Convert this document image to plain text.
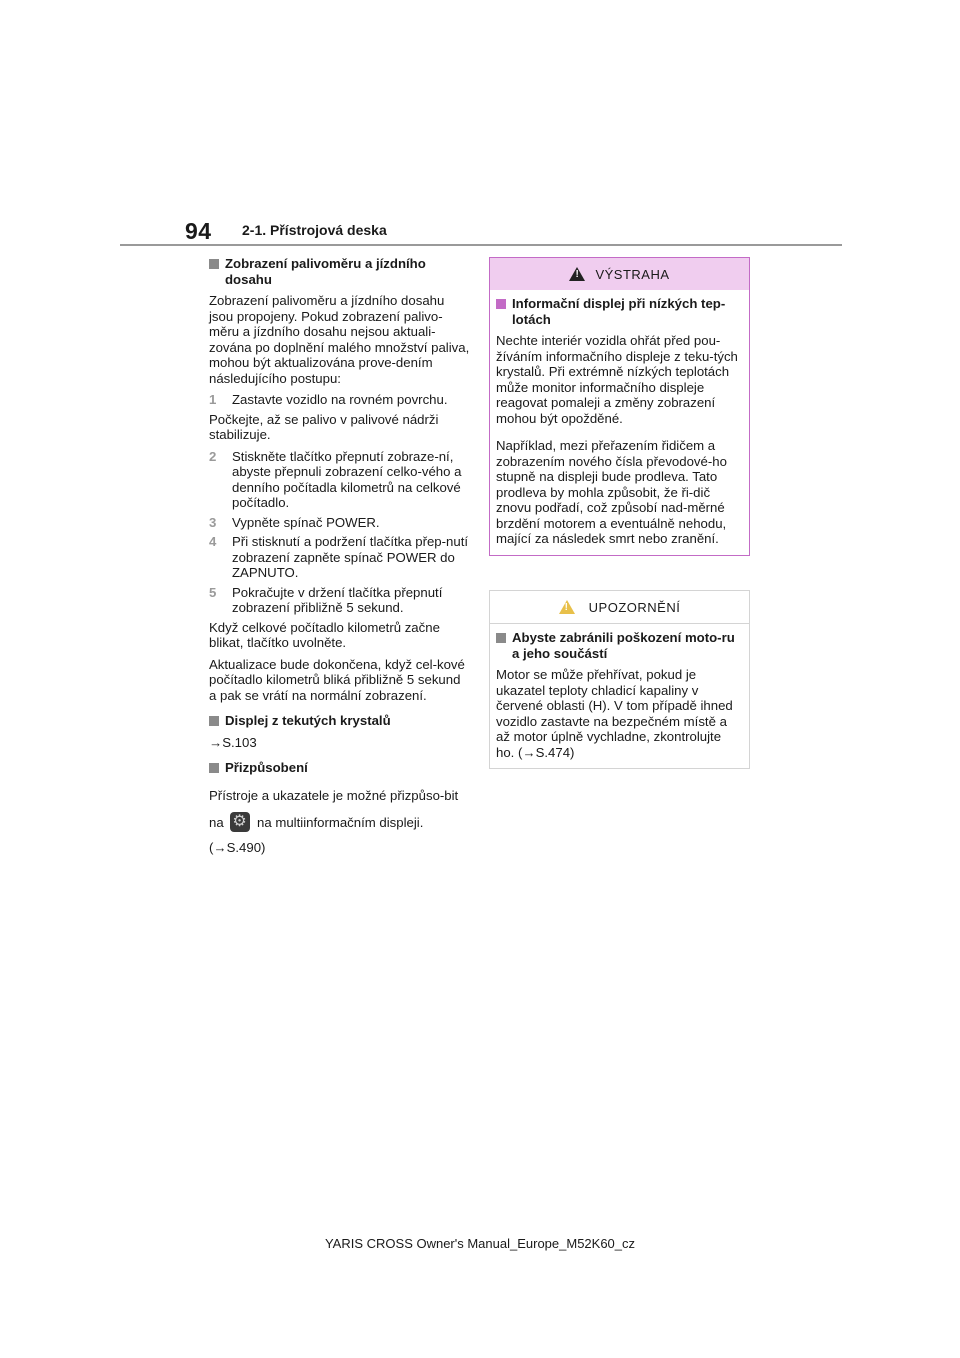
94 2-1. Přístrojová deska
Zobrazení palivoměru a jízdního dosahu

Zobrazení palivoměru a jízdního dosahu jsou propojeny. Pokud zobrazení palivo-měru a jízdního dosahu nejsou aktuali-zována po doplnění malého množství paliva, mohou být aktualizována prove-dením následujícího postupu:

1 Zastavte vozidlo na rovném povrchu.

Počkejte, až se palivo v palivové nádrži stabilizuje.

2 Stiskněte tlačítko přepnutí zobraze-ní, abyste přepnuli zobrazení celko-vého a denního počítadla kilometrů na celkové počítadlo.
3 Vypněte spínač POWER.
4 Při stisknutí a podržení tlačítka přep-nutí zobrazení zapněte spínač POWER do ZAPNUTO.
5 Pokračujte v držení tlačítka přepnutí zobrazení přibližně 5 sekund.

Když celkové počítadlo kilometrů začne blikat, tlačítko uvolněte.

Aktualizace bude dokončena, když cel-kové počítadlo kilometrů bliká přibližně 5 sekund a pak se vrátí na normální zobrazení.

Displej z tekutých krystalů

→S.103

Přizpůsobení

Přístroje a ukazatele je možné přizpůso-bit na ⚙	na multiinformačním displeji.

(→S.490)

! VÝSTRAHA
Informační displej při nízkých tep-lotách

Nechte interiér vozidla ohřát před pou-žíváním informačního displeje z teku-tých krystalů. Při extrémně nízkých teplotách může monitor informačního displeje reagovat pomaleji a změny zobrazení mohou být opožděné.

Například, mezi přeřazením řidičem a zobrazením nového čísla převodové-ho stupně na displeji bude prodleva. Tato prodleva by mohla způsobit, že ři-dič znovu podřadí, což způsobí nad-měrné brzdění motorem a eventuálně nehodu, mající za následek smrt nebo zranění.

! UPOZORNĚNÍ
Abyste zabránili poškození moto-ru a jeho součástí

Motor se může přehřívat, pokud je ukazatel teploty chladicí kapaliny v červené oblasti (H). V tom případě ihned vozidlo zastavte na bezpečném místě a až motor úplně vychladne, zkontrolujte ho. (→S.474)

YARIS CROSS Owner's Manual_Europe_M52K60_cz
